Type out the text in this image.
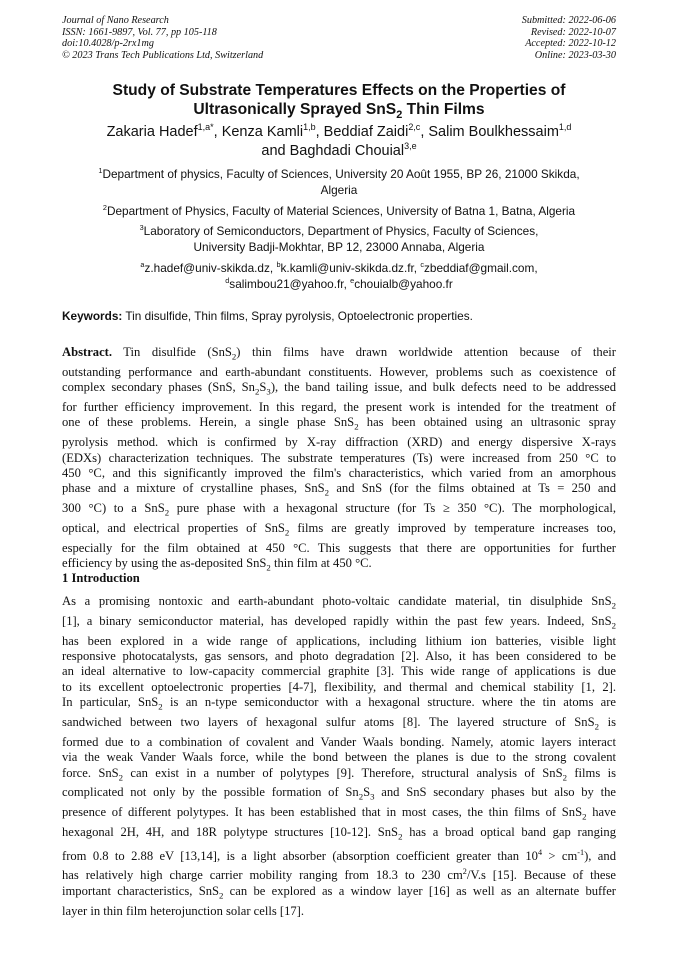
Journal of Nano Research
ISSN: 1661-9897, Vol. 77, pp 105-118
doi:10.4028/p-2rx1mg
© 2023 Trans Tech Publications Ltd, Switzerland
Submitted: 2022-06-06
Revised: 2022-10-07
Accepted: 2022-10-12
Online: 2023-03-30
Study of Substrate Temperatures Effects on the Properties of
Ultrasonically Sprayed SnS$_2$ Thin Films
Zakaria Hadef$^{1,a*}$, Kenza Kamli$^{1,b}$, Beddiaf Zaidi$^{2,c}$, Salim Boulkhessaim$^{1,d}$
and Baghdadi Chouial$^{3,e}$
$^1$Department of physics, Faculty of Sciences, University 20 Août 1955, BP 26, 21000 Skikda,
Algeria
$^2$Department of Physics, Faculty of Material Sciences, University of Batna 1, Batna, Algeria
$^3$Laboratory of Semiconductors, Department of Physics, Faculty of Sciences,
University Badji-Mokhtar, BP 12, 23000 Annaba, Algeria
$^a$z.hadef@univ-skikda.dz, $^b$k.kamli@univ-skikda.dz.fr, $^c$zbeddiaf@gmail.com,
$^d$salimbou21@yahoo.fr, $^e$chouialb@yahoo.fr
Keywords: Tin disulfide, Thin films, Spray pyrolysis, Optoelectronic properties.
Abstract. Tin disulfide (SnS$_2$) thin films have drawn worldwide attention because of their
outstanding performance and earth-abundant constituents. However, problems such as coexistence of
complex secondary phases (SnS, $Sn_2S_3$), the band tailing issue, and bulk defects need to be addressed
for further efficiency improvement. In this regard, the present work is intended for the treatment of
one of these problems. Herein, a single phase SnS$_2$ has been obtained using an ultrasonic spray
pyrolysis method. which is confirmed by X-ray diffraction (XRD) and energy dispersive X-rays
(EDXs) characterization techniques. The substrate temperatures (Ts) were increased from 250 °C to
450 °C, and this significantly improved the film's characteristics, which varied from an amorphous
phase and a mixture of crystalline phases, SnS$_2$ and SnS (for the films obtained at Ts = 250 and
300 °C) to a SnS$_2$ pure phase with a hexagonal structure (for Ts ≥ 350 °C). The morphological,
optical, and electrical properties of SnS$_2$ films are greatly improved by temperature increases too,
especially for the film obtained at 450 °C. This suggests that there are opportunities for further
efficiency by using the as-deposited SnS$_2$ thin film at 450 °C.
1 Introduction
As a promising nontoxic and earth-abundant photo-voltaic candidate material, tin disulphide SnS$_2$
[1], a binary semiconductor material, has developed rapidly within the past few years. Indeed, SnS$_2$
has been explored in a wide range of applications, including lithium ion batteries, visible light
responsive photocatalysts, gas sensors, and photo degradation [2]. Also, it has been considered to be
an ideal alternative to low-capacity commercial graphite [3]. This wide range of applications is due
to its excellent optoelectronic properties [4-7], flexibility, and thermal and chemical stability [1, 2].
In particular, SnS$_2$ is an n-type semiconductor with a hexagonal structure. where the tin atoms are
sandwiched between two layers of hexagonal sulfur atoms [8]. The layered structure of SnS$_2$ is
formed due to a combination of covalent and Vander Waals bonding. Namely, atomic layers interact
via the weak Vander Waals force, while the bond between the planes is due to the strong covalent
force. SnS$_2$ can exist in a number of polytypes [9]. Therefore, structural analysis of SnS$_2$ films is
complicated not only by the possible formation of $Sn_2S_3$ and SnS secondary phases but also by the
presence of different polytypes. It has been established that in most cases, the thin films of SnS$_2$ have
hexagonal 2H, 4H, and 18R polytype structures [10-12]. SnS$_2$ has a broad optical band gap ranging
from 0.8 to 2.88 eV [13,14], is a light absorber (absorption coefficient greater than $10^4 > cm^{-1}$), and
has relatively high charge carrier mobility ranging from 18.3 to 230 $cm^2/V.s$ [15]. Because of these
important characteristics, SnS$_2$ can be explored as a window layer [16] as well as an alternate buffer
layer in thin film heterojunction solar cells [17].
